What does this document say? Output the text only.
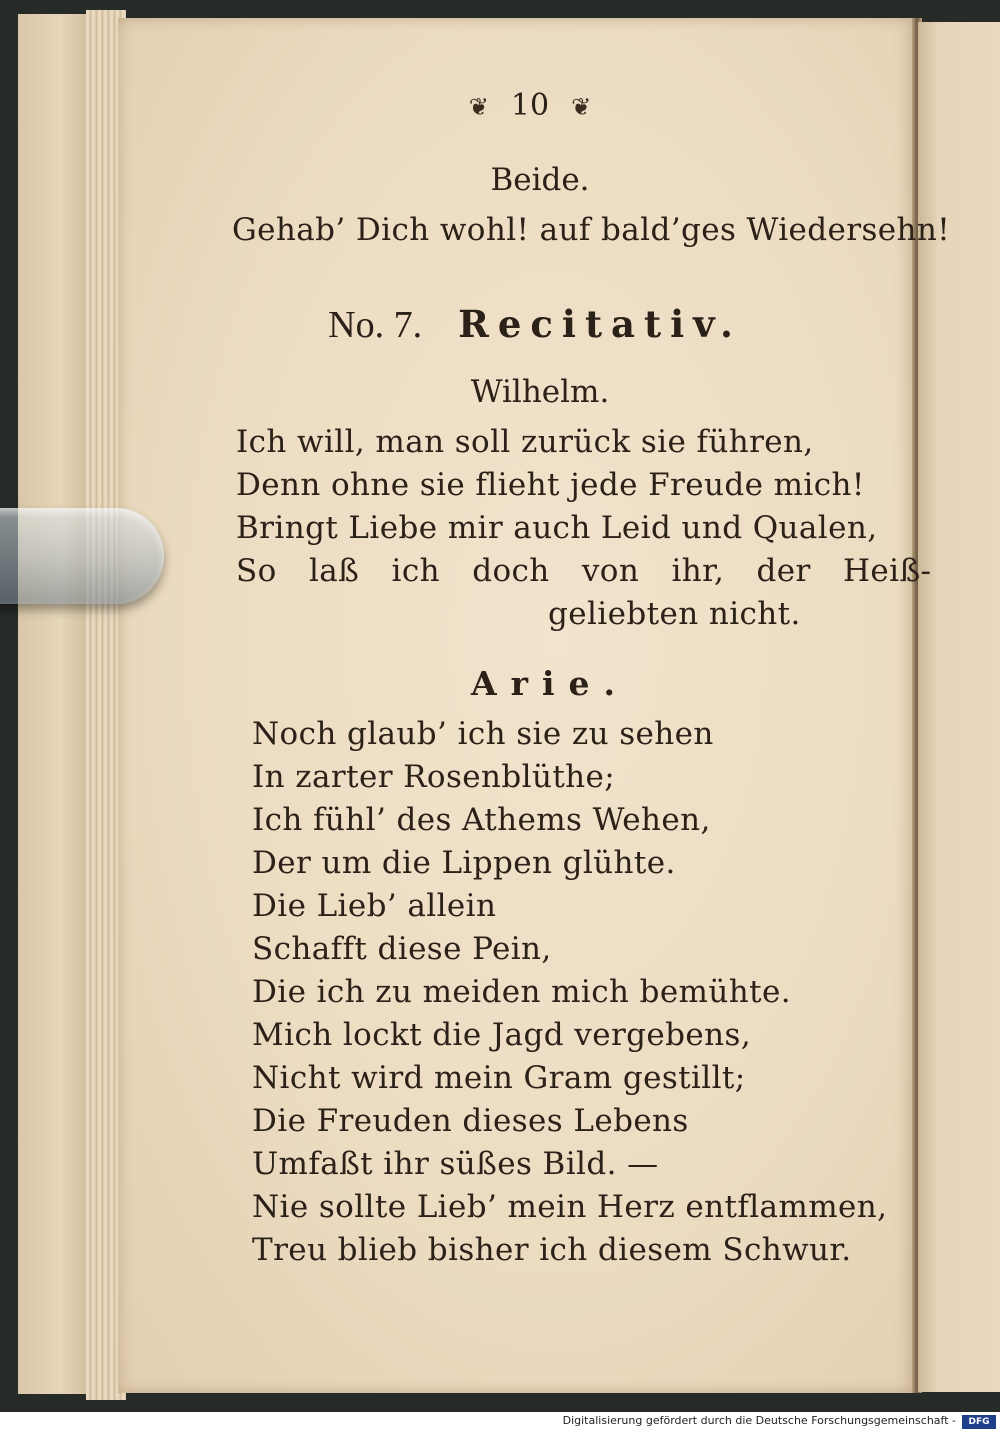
❦ 10 ❦
Beide.
Gehab’ Dich wohl! auf bald’ges Wiedersehn!
No. 7. Recitativ.
Wilhelm.
Ich will, man soll zurück sie führen,
Denn ohne sie flieht jede Freude mich!
Bringt Liebe mir auch Leid und Qualen,
So laß ich doch von ihr, der Heiß-
geliebten nicht.
Arie.
Noch glaub’ ich sie zu sehen
In zarter Rosenblüthe;
Ich fühl’ des Athems Wehen,
Der um die Lippen glühte.
Die Lieb’ allein
Schafft diese Pein,
Die ich zu meiden mich bemühte.
Mich lockt die Jagd vergebens,
Nicht wird mein Gram gestillt;
Die Freuden dieses Lebens
Umfaßt ihr süßes Bild. —
Nie sollte Lieb’ mein Herz entflammen,
Treu blieb bisher ich diesem Schwur.
Digitalisierung gefördert durch die Deutsche Forschungsgemeinschaft -	DFG
